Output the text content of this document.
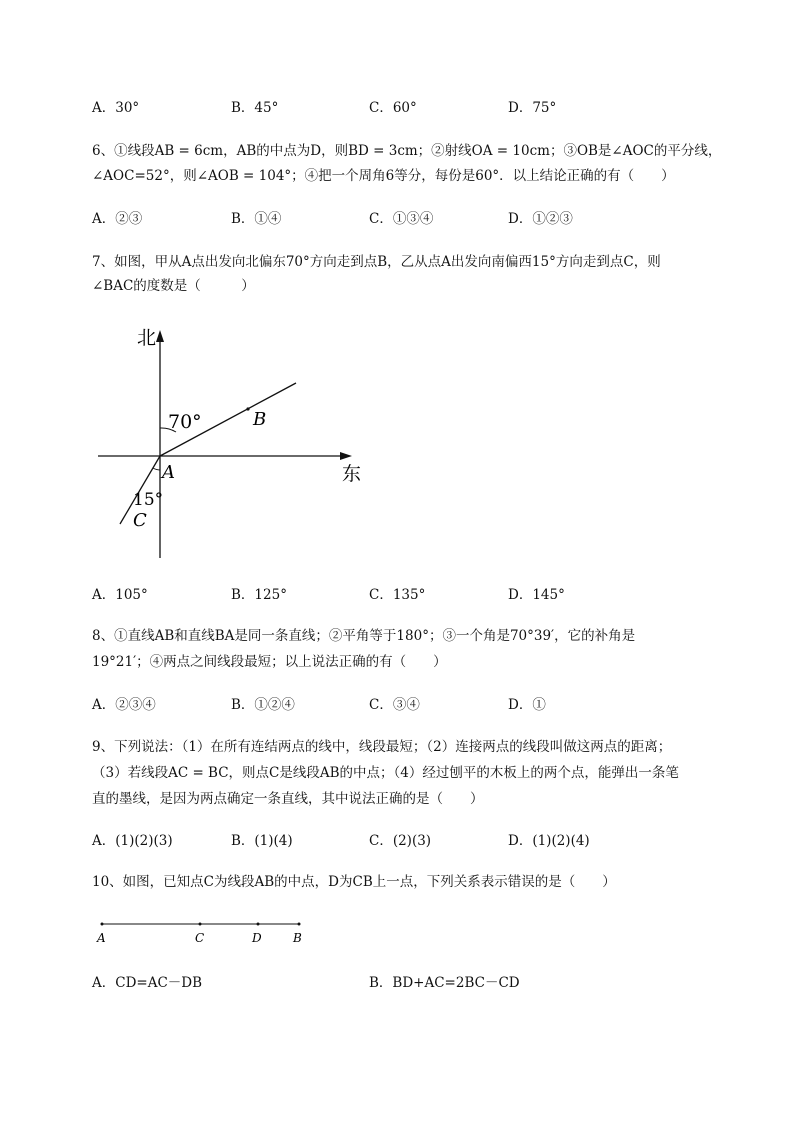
A．30°	B．45°	C．60°	D．75°
6、①线段AB = 6cm，AB的中点为D，则BD = 3cm；②射线OA = 10cm；③OB是∠AOC的平分线，
∠AOC=52°，则∠AOB = 104°；④把一个周角6等分，每份是60°．以上结论正确的有（　　）
A．②③	B．①④	C．①③④	D．①②③
7、如图，甲从A点出发向北偏东70°方向走到点B，乙从点A出发向南偏西15°方向走到点C，则
∠BAC的度数是（　　　）
北
东
70°
15°
A
B
C
A．105°	B．125°	C．135°	D．145°
8、①直线AB和直线BA是同一条直线；②平角等于180°；③一个角是70°39′，它的补角是
19°21′；④两点之间线段最短；以上说法正确的有（　　）
A．②③④	B．①②④	C．③④	D．①
9、下列说法：（1）在所有连结两点的线中，线段最短；（2）连接两点的线段叫做这两点的距离；
（3）若线段AC = BC，则点C是线段AB的中点；（4）经过刨平的木板上的两个点，能弹出一条笔
直的墨线，是因为两点确定一条直线，其中说法正确的是（　　）
A．(1)(2)(3)	B．(1)(4)	C．(2)(3)	D．(1)(2)(4)
10、如图，已知点C为线段AB的中点，D为CB上一点，下列关系表示错误的是（　　）
A	C	D	B
A．CD=AC－DB	B．BD+AC=2BC－CD
